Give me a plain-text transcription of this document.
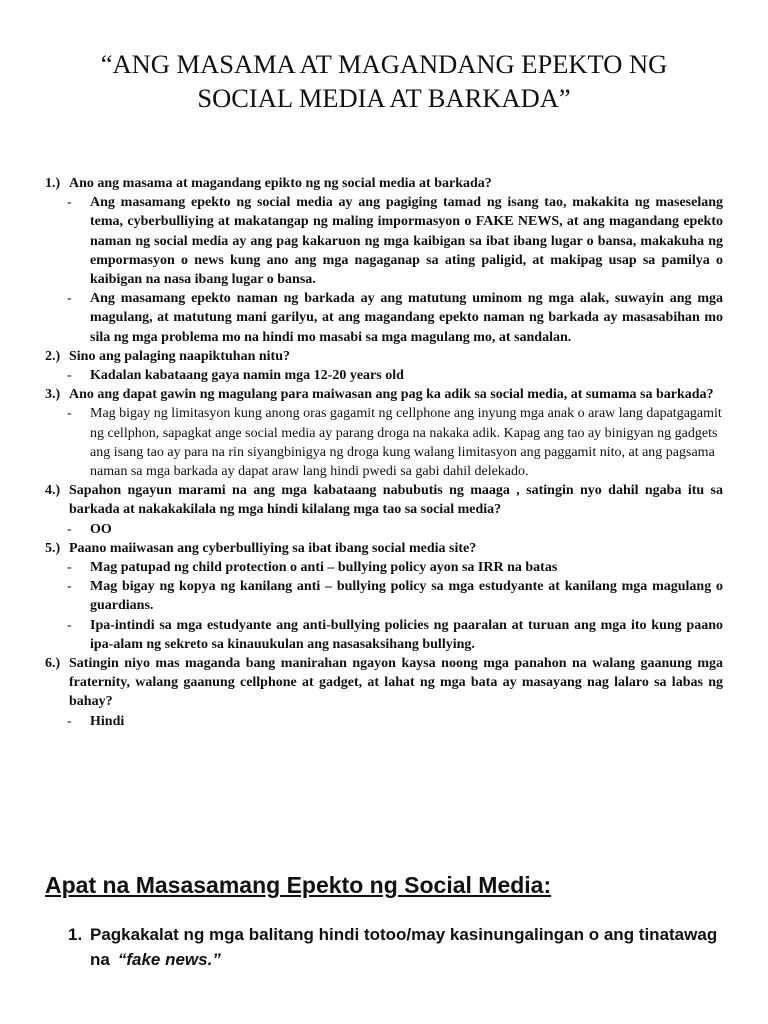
“ANG MASAMA AT MAGANDANG EPEKTO NG
SOCIAL MEDIA AT BARKADA”
1.) Ano ang masama at magandang epikto ng ng social media at barkada?
-	Ang masamang epekto ng social media ay ang pagiging tamad ng isang tao, makakita ng maseselang tema, cyberbulliying at makatangap ng maling impormasyon o FAKE NEWS, at ang magandang epekto naman ng social media ay ang pag kakaruon ng mga kaibigan sa ibat ibang lugar o bansa, makakuha ng empormasyon o news kung ano ang mga nagaganap sa ating paligid, at makipag usap sa pamilya o kaibigan na nasa ibang lugar o bansa.
-	Ang masamang epekto naman ng barkada ay ang matutung uminom ng mga alak, suwayin ang mga magulang, at matutung mani garilyu, at ang magandang epekto naman ng barkada ay masasabihan mo sila ng mga problema mo na hindi mo masabi sa mga magulang mo, at sandalan.
2.) Sino ang palaging naapiktuhan nitu?
-	Kadalan kabataang gaya namin mga 12-20 years old
3.) Ano ang dapat gawin ng magulang para maiwasan ang pag ka adik sa social media, at sumama sa barkada?
-	Mag bigay ng limitasyon kung anong oras gagamit ng cellphone ang inyung mga anak o araw lang dapatgagamit ng cellphon, sapagkat ange social media ay parang droga na nakaka adik. Kapag ang tao ay binigyan ng gadgets ang isang tao ay para na rin siyangbinigya ng droga kung walang limitasyon ang paggamit nito, at ang pagsama naman sa mga barkada ay dapat araw lang hindi pwedi sa gabi dahil delekado.
4.) Sapahon ngayun marami na ang mga kabataang nabubutis ng maaga , satingin nyo dahil ngaba itu sa barkada at nakakakilala ng mga hindi kilalang mga tao sa social media?
-	OO
5.) Paano maiiwasan ang cyberbulliying sa ibat ibang social media site?
-	Mag patupad ng child protection o anti – bullying policy ayon sa IRR na batas
-	Mag bigay ng kopya ng kanilang anti – bullying policy sa mga estudyante at kanilang mga magulang o guardians.
-	Ipa-intindi sa mga estudyante ang anti-bullying policies ng paaralan at turuan ang mga ito kung paano ipa-alam ng sekreto sa kinauukulan ang nasasaksihang bullying.
6.) Satingin niyo mas maganda bang manirahan ngayon kaysa noong mga panahon na walang gaanung mga fraternity, walang gaanung cellphone at gadget, at lahat ng mga bata ay masayang nag lalaro sa labas ng bahay?
-	Hindi
Apat na Masasamang Epekto ng Social Media:
1. Pagkakalat ng mga balitang hindi totoo/may kasinungalingan o ang tinatawag na “fake news.”
